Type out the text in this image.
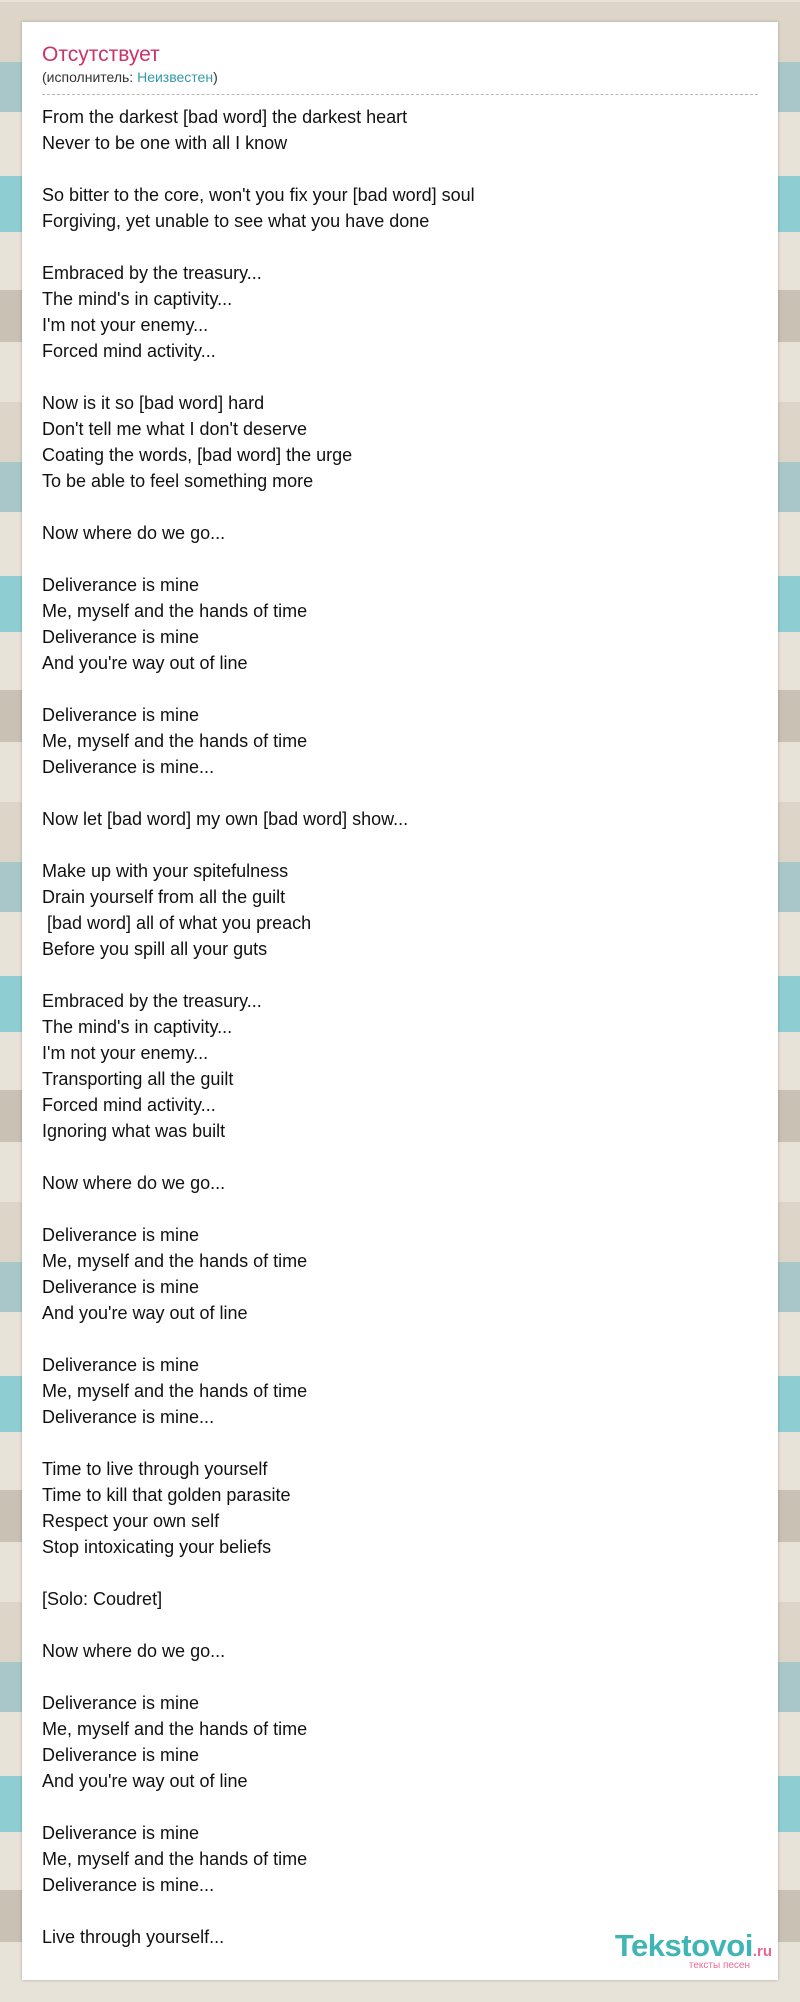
Отсутствует
(исполнитель: Неизвестен)
From the darkest [bad word] the darkest heart
Never to be one with all I know
So bitter to the core, won't you fix your [bad word] soul
Forgiving, yet unable to see what you have done
Embraced by the treasury...
The mind's in captivity...
I'm not your enemy...
Forced mind activity...
Now is it so [bad word] hard
Don't tell me what I don't deserve
Coating the words, [bad word] the urge
To be able to feel something more
Now where do we go...
Deliverance is mine
Me, myself and the hands of time
Deliverance is mine
And you're way out of line
Deliverance is mine
Me, myself and the hands of time
Deliverance is mine...
Now let [bad word] my own [bad word] show...
Make up with your spitefulness
Drain yourself from all the guilt
[bad word] all of what you preach
Before you spill all your guts
Embraced by the treasury...
The mind's in captivity...
I'm not your enemy...
Transporting all the guilt
Forced mind activity...
Ignoring what was built
Now where do we go...
Deliverance is mine
Me, myself and the hands of time
Deliverance is mine
And you're way out of line
Deliverance is mine
Me, myself and the hands of time
Deliverance is mine...
Time to live through yourself
Time to kill that golden parasite
Respect your own self
Stop intoxicating your beliefs
[Solo: Coudret]
Now where do we go...
Deliverance is mine
Me, myself and the hands of time
Deliverance is mine
And you're way out of line
Deliverance is mine
Me, myself and the hands of time
Deliverance is mine...
Live through yourself...	Tekstovoi.ru
тексты песен
